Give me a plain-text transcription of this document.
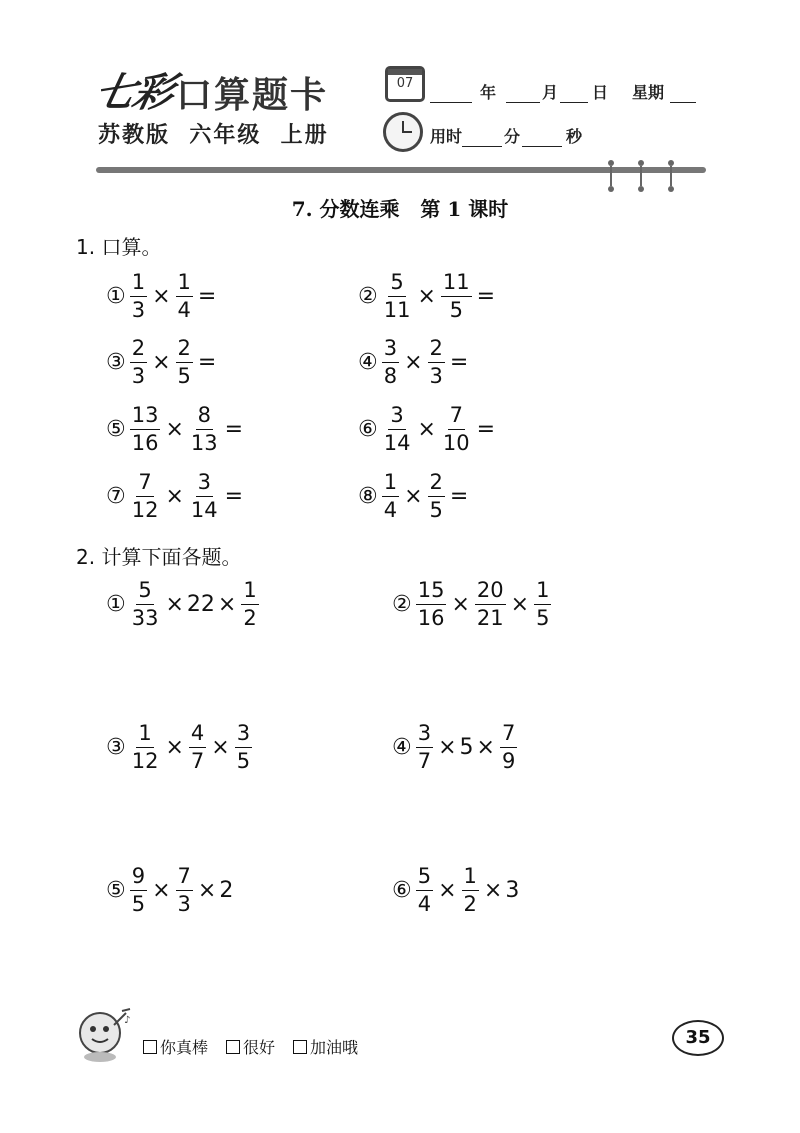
七彩 口算题卡
苏教版  六年级  上册
07	年	月 日 星期
用时	分	秒
7. 分数连乘   第 1 课时
1. 口算。
① $\frac{1}{3} \times \frac{1}{4}$ =	② $\frac{5}{11} \times \frac{11}{5}$ =
③ $\frac{2}{3} \times \frac{2}{5}$ =	④ $\frac{3}{8} \times \frac{2}{3}$ =
⑤ $\frac{13}{16} \times \frac{8}{13}$ =	⑥ $\frac{3}{14} \times \frac{7}{10}$ =
⑦ $\frac{7}{12} \times \frac{3}{14}$ =	⑧ $\frac{1}{4} \times \frac{2}{5}$ =
2. 计算下面各题。
① $\frac{5}{33} \times 22 \times \frac{1}{2}$	② $\frac{15}{16} \times \frac{20}{21} \times \frac{1}{5}$
③ $\frac{1}{12} \times \frac{4}{7} \times \frac{3}{5}$	④ $\frac{3}{7} \times 5 \times \frac{7}{9}$
⑤ $\frac{9}{5} \times \frac{7}{3} \times 2$	⑥ $\frac{5}{4} \times \frac{1}{2} \times 3$
♪
你真棒 很好 加油哦	35
